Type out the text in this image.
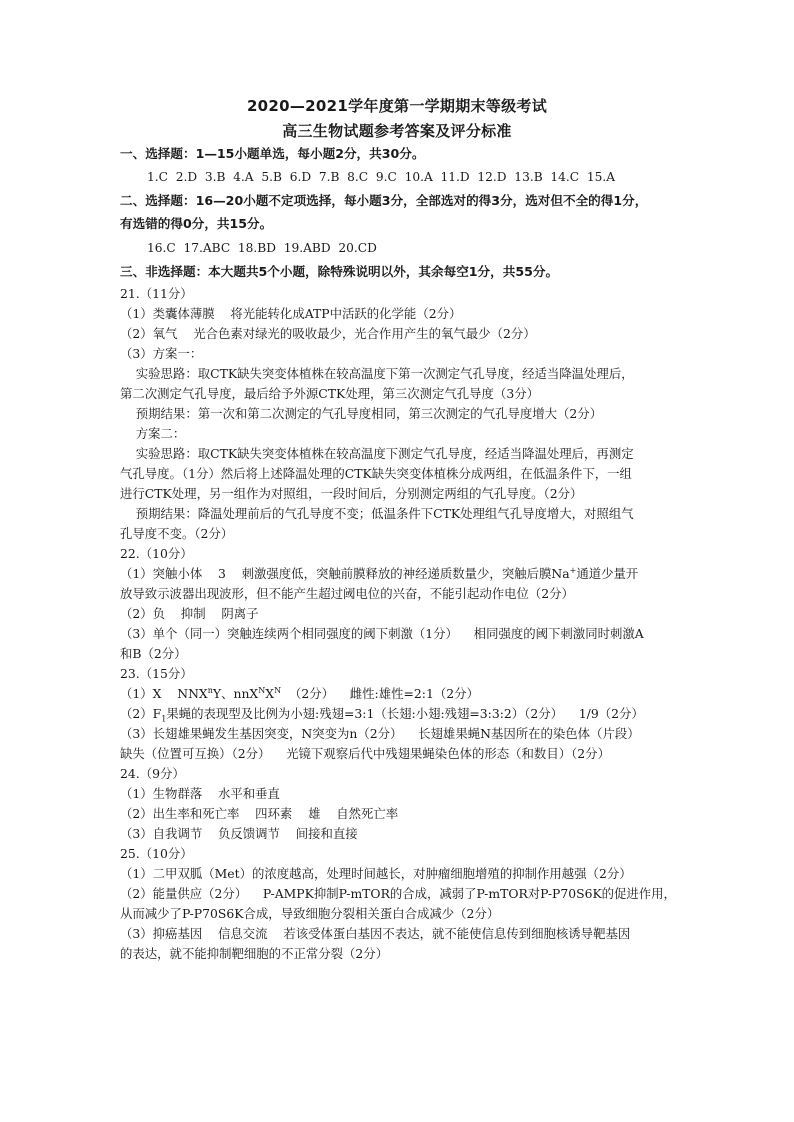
2020—2021学年度第一学期期末等级考试
高三生物试题参考答案及评分标准
一、选择题：1—15小题单选，每小题2分，共30分。
1.C  2.D  3.B  4.A  5.B  6.D  7.B  8.C  9.C  10.A  11.D  12.D  13.B  14.C  15.A
二、选择题：16—20小题不定项选择，每小题3分，全部选对的得3分，选对但不全的得1分，
有选错的得0分，共15分。
16.C  17.ABC  18.BD  19.ABD  20.CD
三、非选择题：本大题共5个小题，除特殊说明以外，其余每空1分，共55分。
21.（11分）
（1）类囊体薄膜    将光能转化成ATP中活跃的化学能（2分）
（2）氧气    光合色素对绿光的吸收最少，光合作用产生的氧气最少（2分）
（3）方案一：
实验思路：取CTK缺失突变体植株在较高温度下第一次测定气孔导度，经适当降温处理后，
第二次测定气孔导度，最后给予外源CTK处理，第三次测定气孔导度（3分）
预期结果：第一次和第二次测定的气孔导度相同，第三次测定的气孔导度增大（2分）
方案二：
实验思路：取CTK缺失突变体植株在较高温度下测定气孔导度，经适当降温处理后，再测定
气孔导度。（1分）然后将上述降温处理的CTK缺失突变体植株分成两组，在低温条件下，一组
进行CTK处理，另一组作为对照组，一段时间后，分别测定两组的气孔导度。（2分）
预期结果：降温处理前后的气孔导度不变；低温条件下CTK处理组气孔导度增大，对照组气
孔导度不变。（2分）
22.（10分）
（1）突触小体    3    刺激强度低，突触前膜释放的神经递质数量少，突触后膜Na+通道少量开
放导致示波器出现波形，但不能产生超过阈电位的兴奋，不能引起动作电位（2分）
（2）负    抑制    阴离子
（3）单个（同一）突触连续两个相同强度的阈下刺激（1分）    相同强度的阈下刺激同时刺激A
和B（2分）
23.（15分）
（1）X    NNX$^n$Y、$nnX^NX^N$  （2分）    雌性:雄性=2:1（2分）
$(2)F_1$果蝇的表现型及比例为小翅:残翅=3:1（长翅:小翅:残翅=3:3:2）（2分）    1/9（2分）
（3）长翅雄果蝇发生基因突变，N突变为n（2分）    长翅雄果蝇N基因所在的染色体（片段）
缺失（位置可互换）（2分）    光镜下观察后代中残翅果蝇染色体的形态（和数目）（2分）
24.（9分）
（1）生物群落    水平和垂直
（2）出生率和死亡率    四环素    雄    自然死亡率
（3）自我调节    负反馈调节    间接和直接
25.（10分）
（1）二甲双胍（Met）的浓度越高，处理时间越长，对肿瘤细胞增殖的抑制作用越强（2分）
（2）能量供应（2分）    P-AMPK抑制P-mTOR的合成，减弱了P-mTOR对P-P70S6K的促进作用，
从而减少了P-P70S6K合成，导致细胞分裂相关蛋白合成减少（2分）
（3）抑癌基因    信息交流    若该受体蛋白基因不表达，就不能使信息传到细胞核诱导靶基因
的表达，就不能抑制靶细胞的不正常分裂（2分）
